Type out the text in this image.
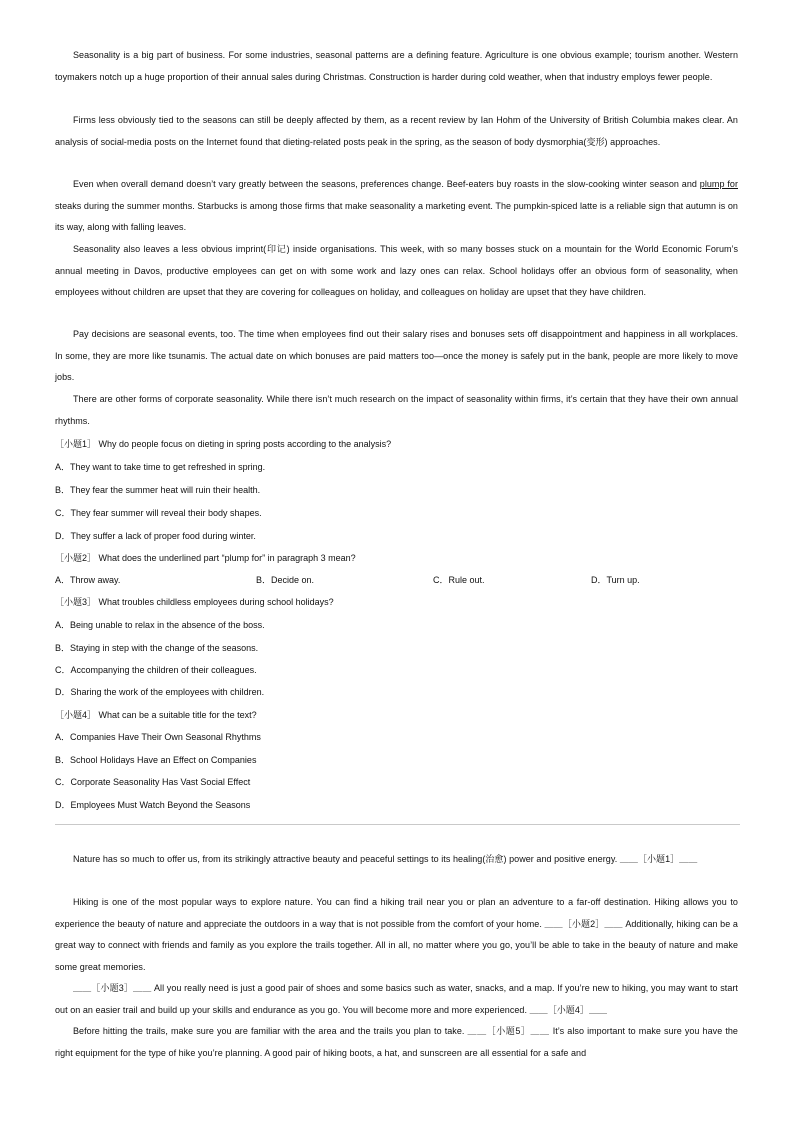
Seasonality is a big part of business. For some industries, seasonal patterns are a defining feature. Agriculture is one obvious example; tourism another. Western toymakers notch up a huge proportion of their annual sales during Christmas. Construction is harder during cold weather, when that industry employs fewer people.

Firms less obviously tied to the seasons can still be deeply affected by them, as a recent review by Ian Hohm of the University of British Columbia makes clear. An analysis of social-media posts on the Internet found that dieting-related posts peak in the spring, as the season of body dysmorphia(变形) approaches.

Even when overall demand doesn’t vary greatly between the seasons, preferences change. Beef-eaters buy roasts in the slow-cooking winter season and plump for steaks during the summer months. Starbucks is among those firms that make seasonality a marketing event. The pumpkin-spiced latte is a reliable sign that autumn is on its way, along with falling leaves.

Seasonality also leaves a less obvious imprint(印记) inside organisations. This week, with so many bosses stuck on a mountain for the World Economic Forum’s annual meeting in Davos, productive employees can get on with some work and lazy ones can relax. School holidays offer an obvious form of seasonality, when employees without children are upset that they are covering for colleagues on holiday, and colleagues on holiday are upset that they have children.

Pay decisions are seasonal events, too. The time when employees find out their salary rises and bonuses sets off disappointment and happiness in all workplaces. In some, they are more like tsunamis. The actual date on which bonuses are paid matters too—once the money is safely put in the bank, people are more likely to move jobs.

There are other forms of corporate seasonality. While there isn’t much research on the impact of seasonality within firms, it’s certain that they have their own annual rhythms.

［小题1］ Why do people focus on dieting in spring posts according to the analysis?

A．They want to take time to get refreshed in spring.

B．They fear the summer heat will ruin their health.

C．They fear summer will reveal their body shapes.

D．They suffer a lack of proper food during winter.

［小题2］ What does the underlined part “plump for” in paragraph 3 mean?

A．Throw away.	B．Decide on.	C．Rule out.	D．Turn up.

［小题3］ What troubles childless employees during school holidays?

A．Being unable to relax in the absence of the boss.

B．Staying in step with the change of the seasons.

C．Accompanying the children of their colleagues.

D．Sharing the work of the employees with children.

［小题4］ What can be a suitable title for the text?

A．Companies Have Their Own Seasonal Rhythms

B．School Holidays Have an Effect on Companies

C．Corporate Seasonality Has Vast Social Effect

D．Employees Must Watch Beyond the Seasons

Nature has so much to offer us, from its strikingly attractive beauty and peaceful settings to its healing(治愈) power and positive energy. ＿＿［小题1］＿＿

Hiking is one of the most popular ways to explore nature. You can find a hiking trail near you or plan an adventure to a far-off destination. Hiking allows you to experience the beauty of nature and appreciate the outdoors in a way that is not possible from the comfort of your home. ＿＿［小题2］＿＿ Additionally, hiking can be a great way to connect with friends and family as you explore the trails together. All in all, no matter where you go, you’ll be able to take in the beauty of nature and make some great memories.

＿＿［小题3］＿＿ All you really need is just a good pair of shoes and some basics such as water, snacks, and a map. If you’re new to hiking, you may want to start out on an easier trail and build up your skills and endurance as you go. You will become more and more experienced. ＿＿［小题4］＿＿

Before hitting the trails, make sure you are familiar with the area and the trails you plan to take. ＿＿［小题5］＿＿ It’s also important to make sure you have the right equipment for the type of hike you’re planning. A good pair of hiking boots, a hat, and sunscreen are all essential for a safe and
